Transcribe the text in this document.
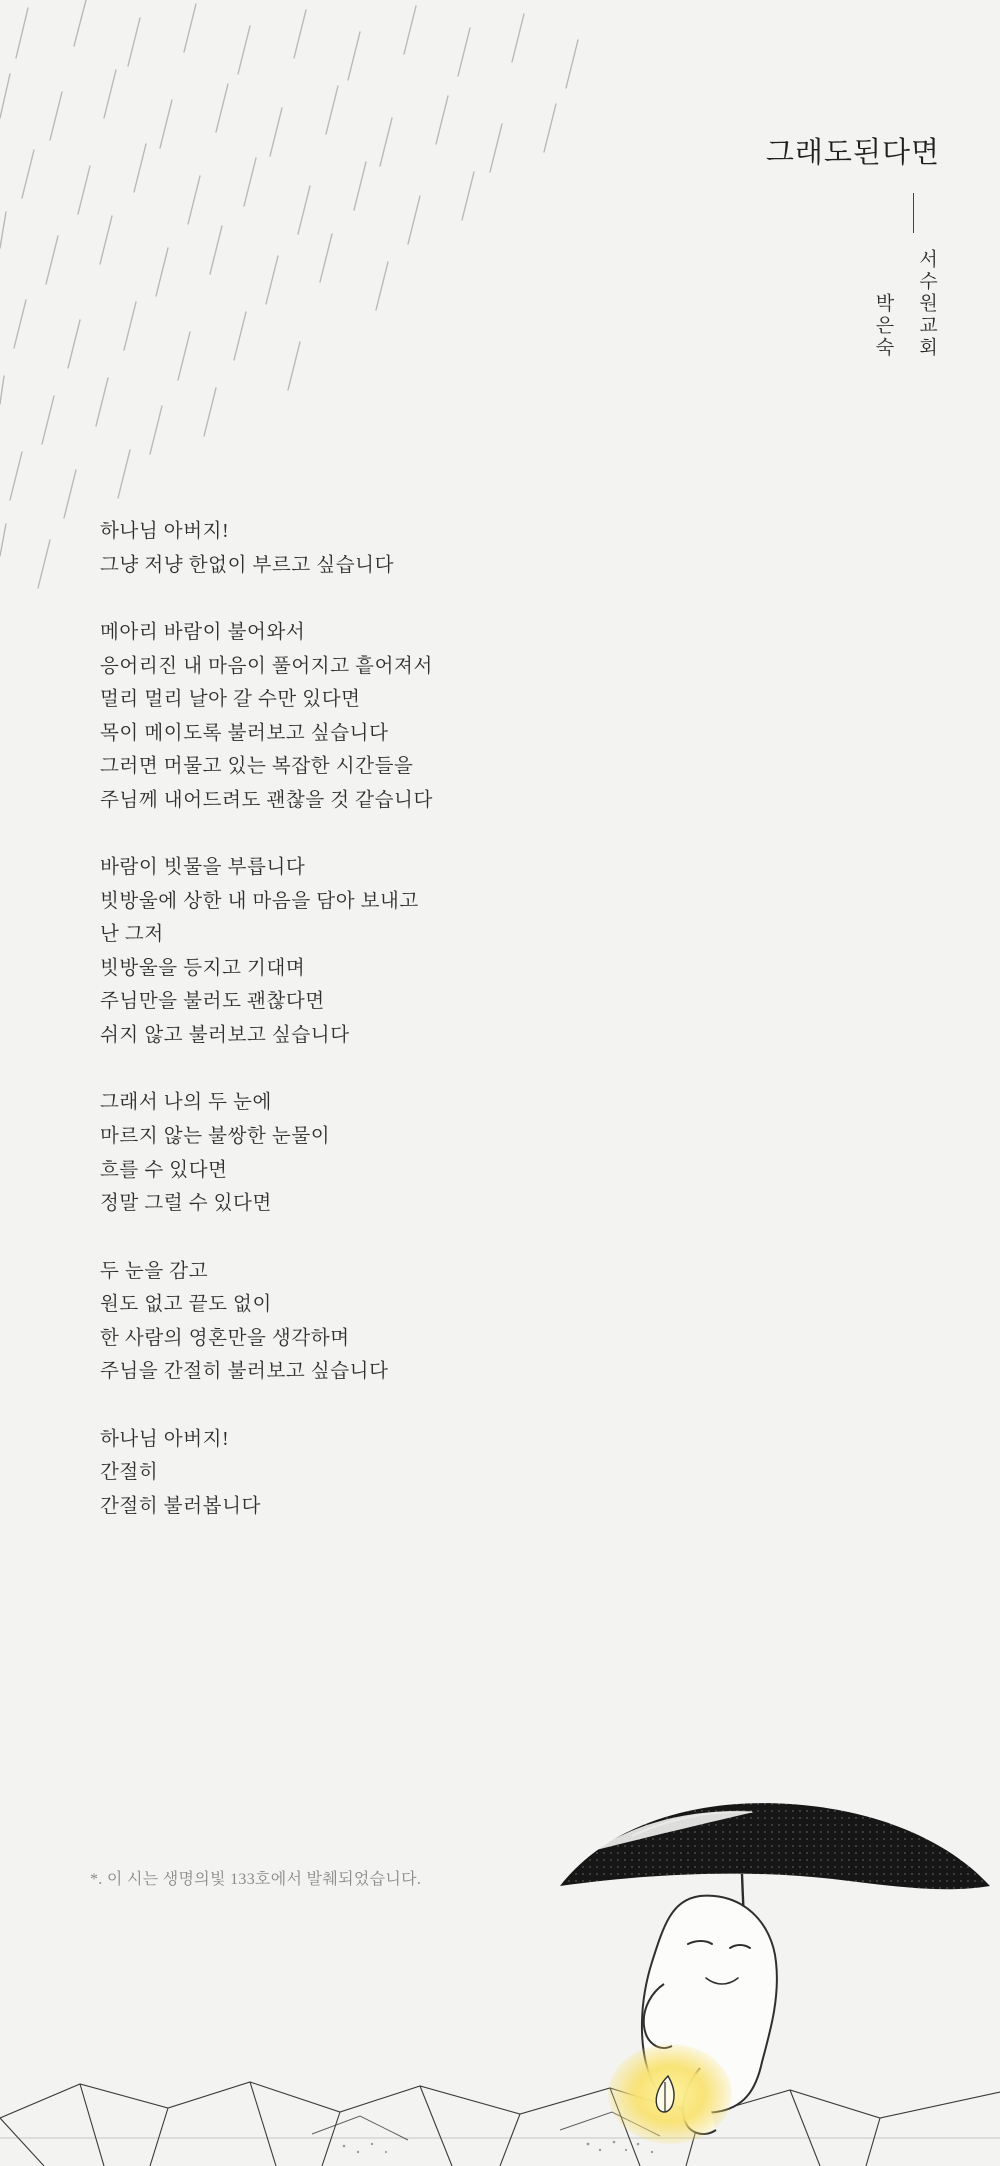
그래도된다면
박은숙 서수원교회
하나님 아버지!
그냥 저냥 한없이 부르고 싶습니다
메아리 바람이 불어와서
응어리진 내 마음이 풀어지고 흩어져서
멀리 멀리 날아 갈 수만 있다면
목이 메이도록 불러보고 싶습니다
그러면 머물고 있는 복잡한 시간들을
주님께 내어드려도 괜찮을 것 같습니다
바람이 빗물을 부릅니다
빗방울에 상한 내 마음을 담아 보내고
난 그저
빗방울을 등지고 기대며
주님만을 불러도 괜찮다면
쉬지 않고 불러보고 싶습니다
그래서 나의 두 눈에
마르지 않는 불쌍한 눈물이
흐를 수 있다면
정말 그럴 수 있다면
두 눈을 감고
원도 없고 끝도 없이
한 사람의 영혼만을 생각하며
주님을 간절히 불러보고 싶습니다
하나님 아버지!
간절히
간절히 불러봅니다
*. 이 시는 생명의빛 133호에서 발췌되었습니다.
